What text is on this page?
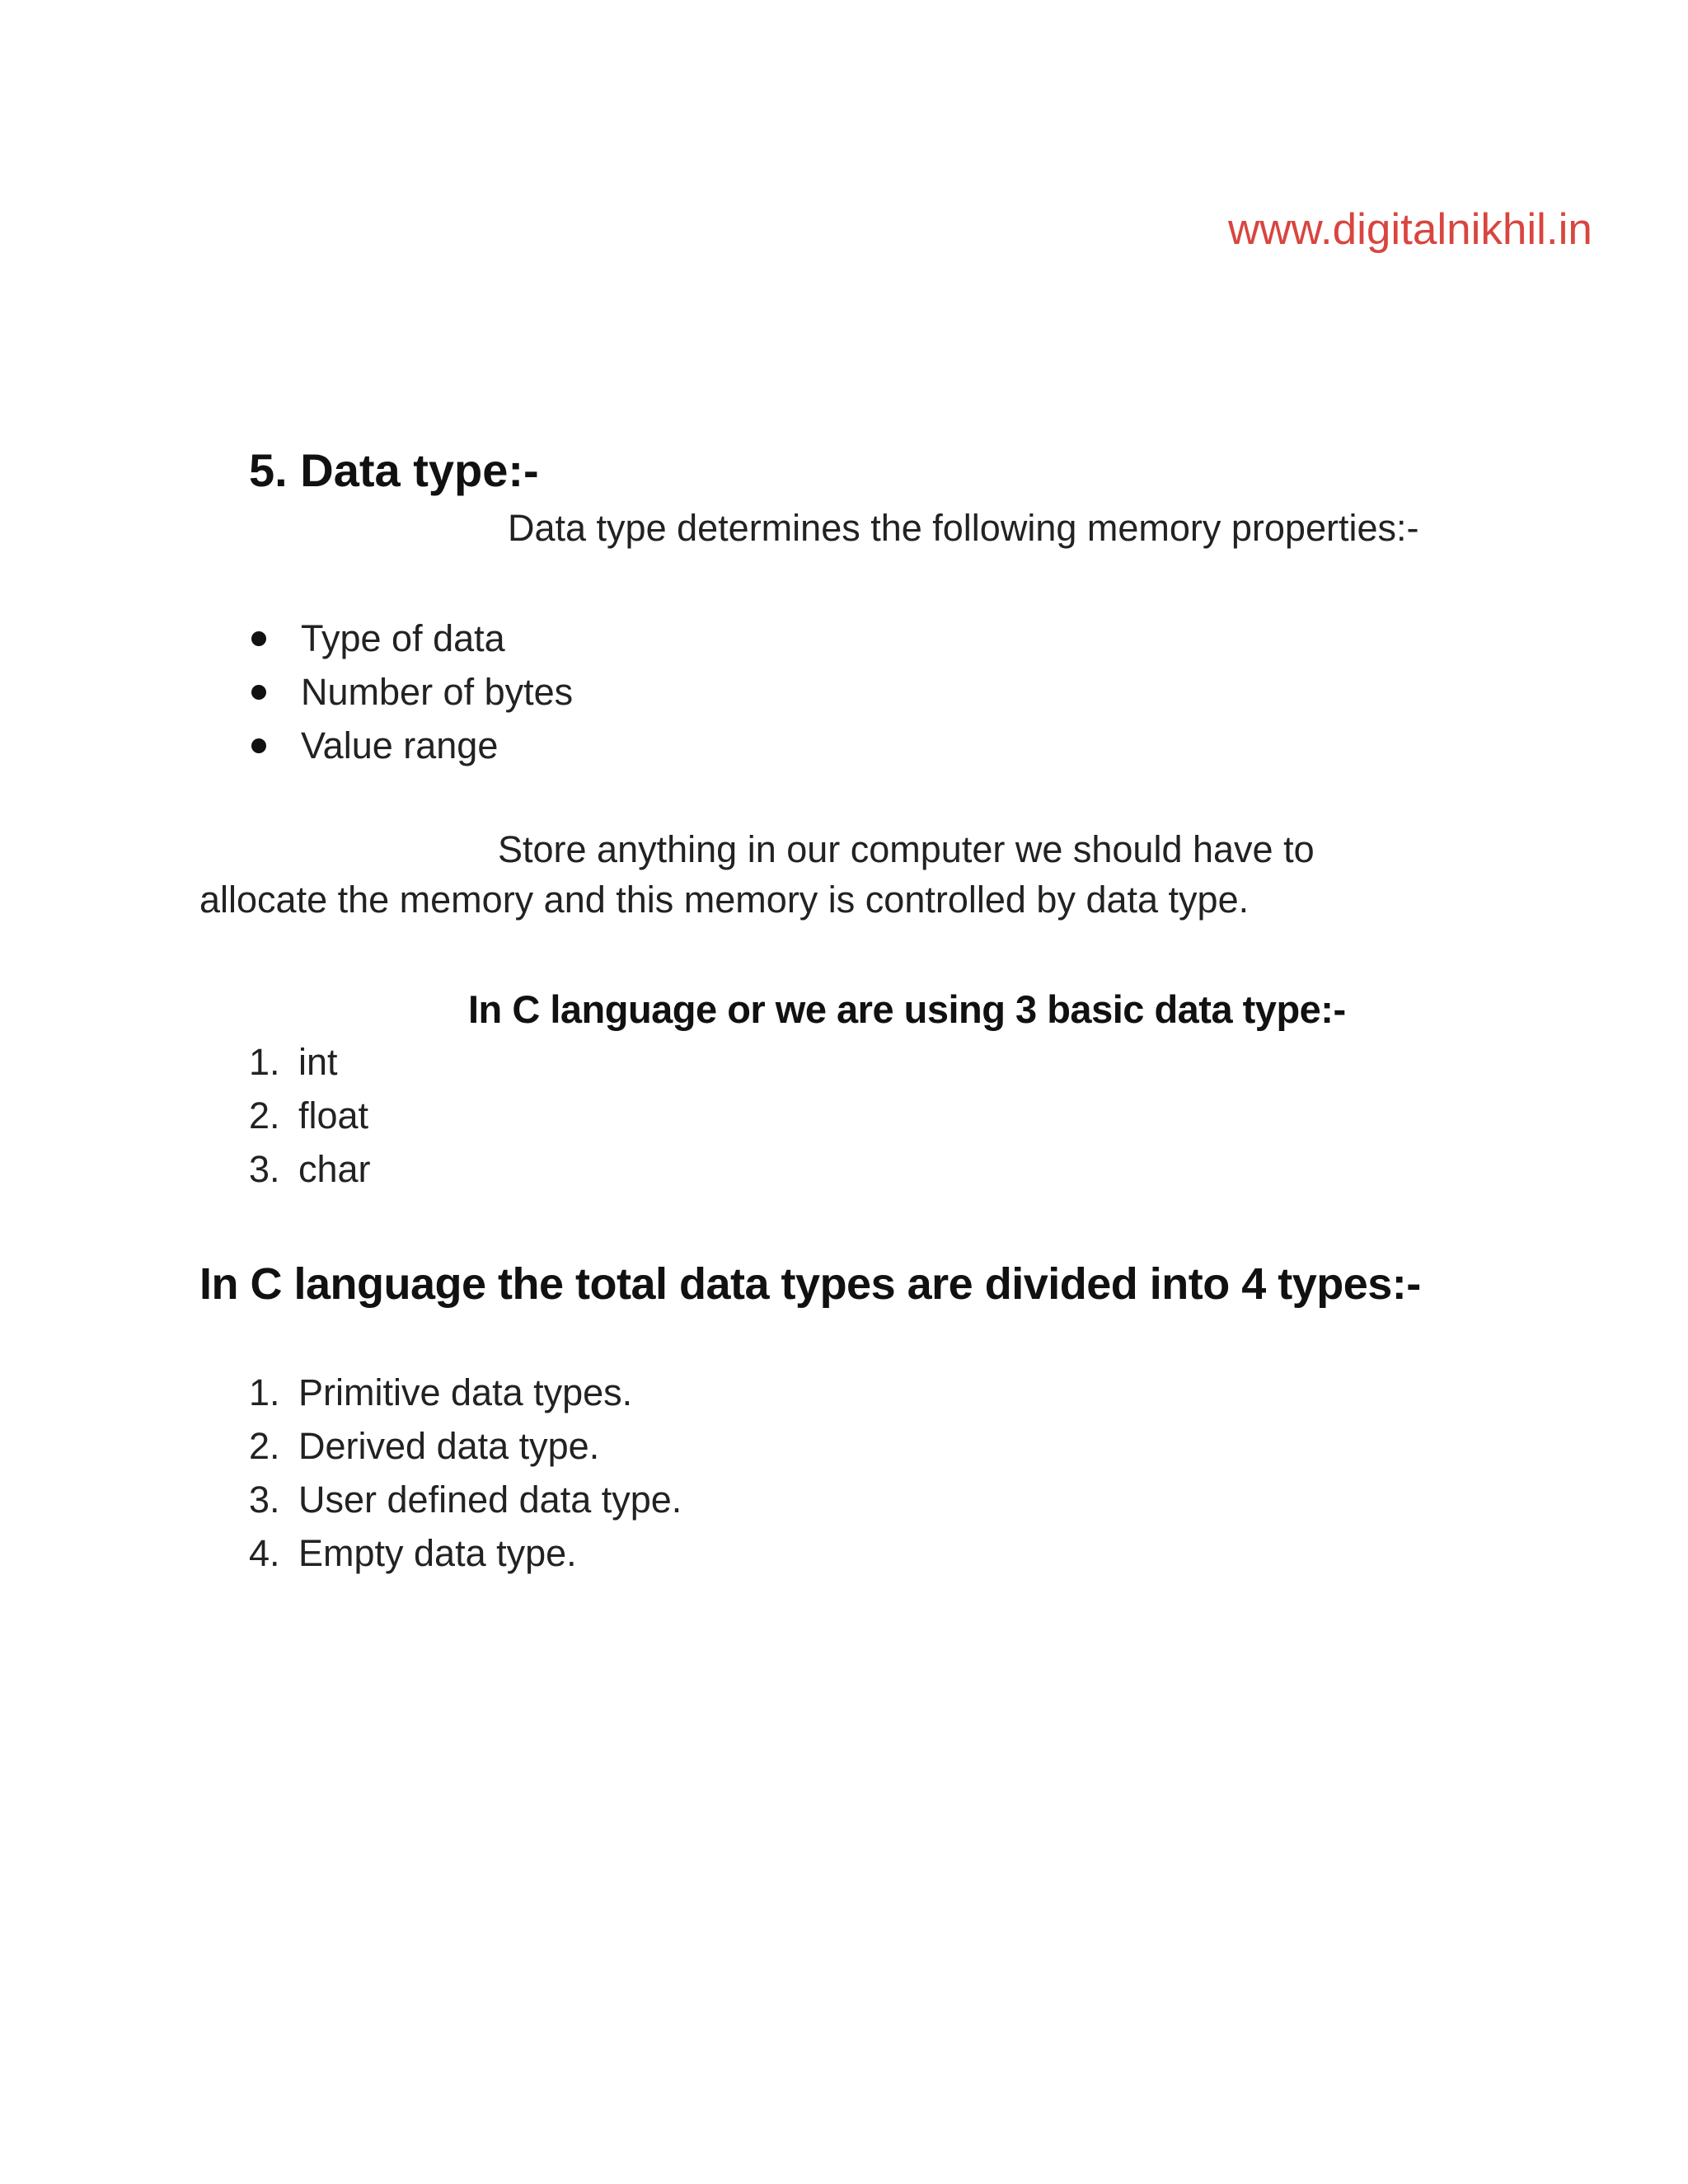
www.digitalnikhil.in
5. Data type:-
Data type determines the following memory properties:-
Type of data
Number of bytes
Value range
Store anything in our computer we should have to
allocate the memory and this memory is controlled by data type.
In C language or we are using 3 basic data type:-
1. int
2. float
3. char
In C language the total data types are divided into 4 types:-
1. Primitive data types.
2. Derived data type.
3. User defined data type.
4. Empty data type.
